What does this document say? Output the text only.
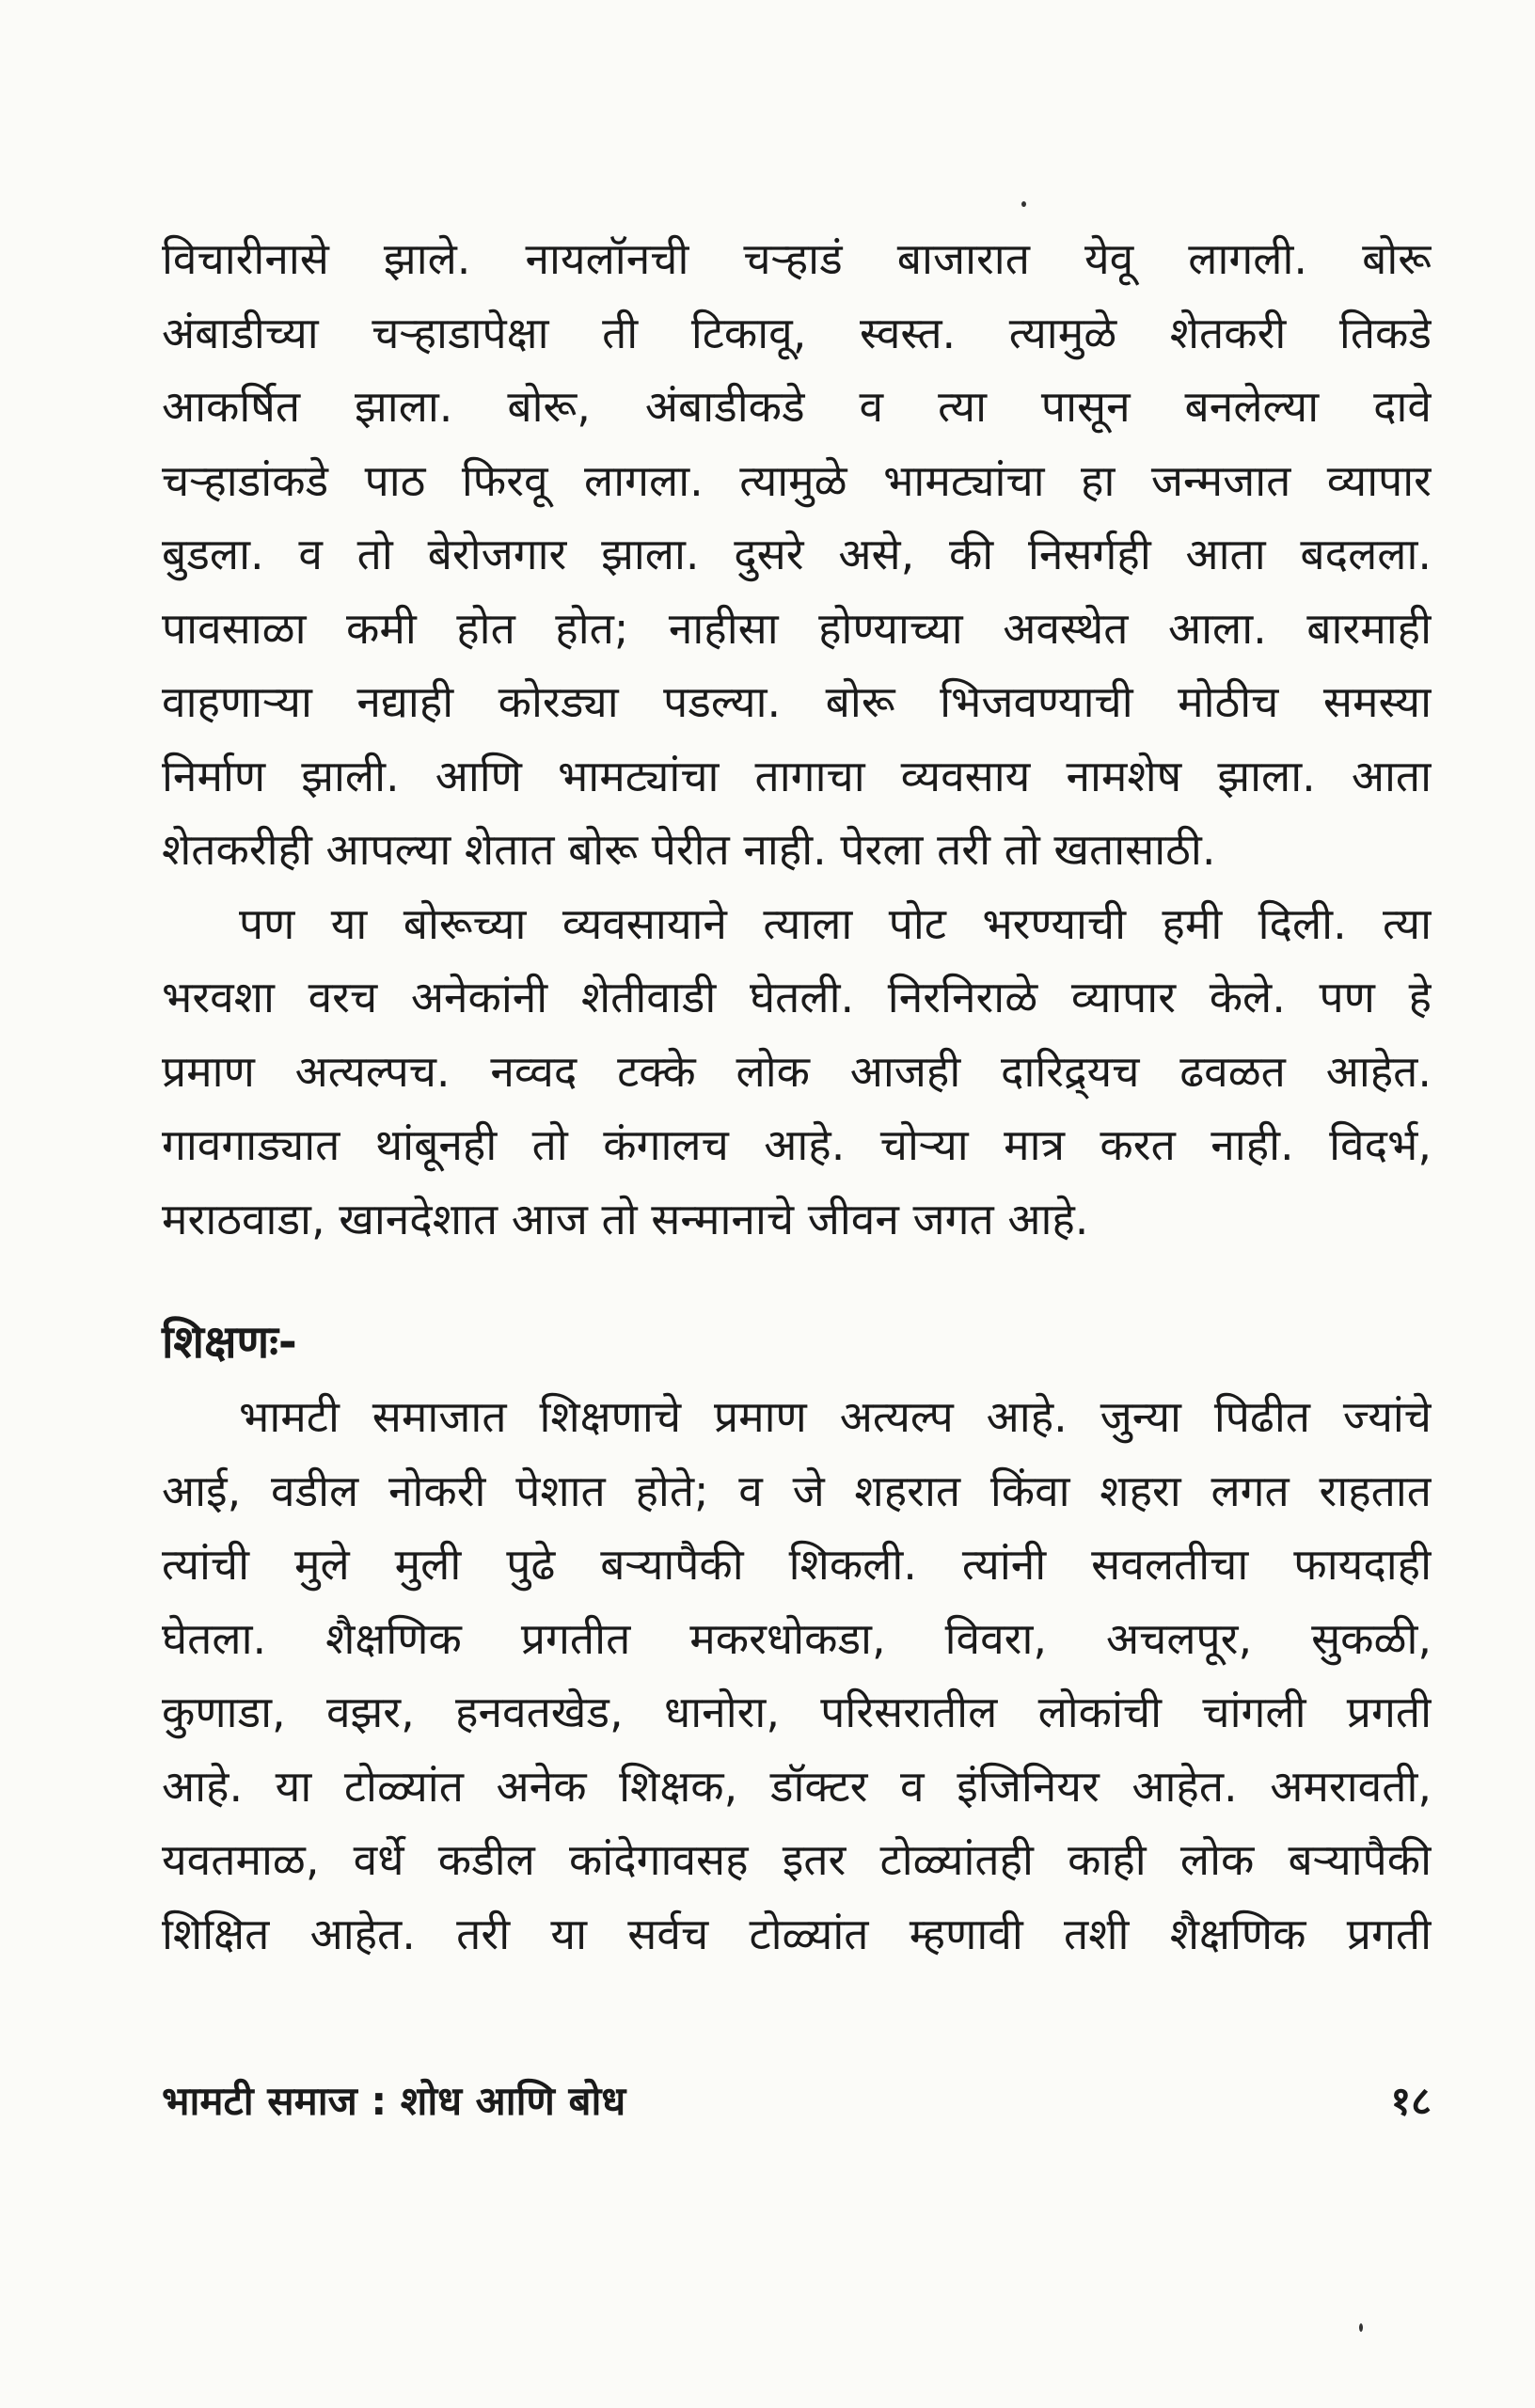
विचारीनासे झाले. नायलॉनची चऱ्हाडं बाजारात येवू लागली. बोरू
अंबाडीच्या चऱ्हाडापेक्षा ती टिकावू, स्वस्त. त्यामुळे शेतकरी तिकडे
आकर्षित झाला. बोरू, अंबाडीकडे व त्या पासून बनलेल्या दावे
चऱ्हाडांकडे पाठ फिरवू लागला. त्यामुळे भामट्यांचा हा जन्मजात व्यापार
बुडला. व तो बेरोजगार झाला. दुसरे असे, की निसर्गही आता बदलला.
पावसाळा कमी होत होत; नाहीसा होण्याच्या अवस्थेत आला. बारमाही
वाहणाऱ्या नद्याही कोरड्या पडल्या. बोरू भिजवण्याची मोठीच समस्या
निर्माण झाली. आणि भामट्यांचा तागाचा व्यवसाय नामशेष झाला. आता
शेतकरीही आपल्या शेतात बोरू पेरीत नाही. पेरला तरी तो खतासाठी.
पण या बोरूच्या व्यवसायाने त्याला पोट भरण्याची हमी दिली. त्या
भरवशा वरच अनेकांनी शेतीवाडी घेतली. निरनिराळे व्यापार केले. पण हे
प्रमाण अत्यल्पच. नव्वद टक्के लोक आजही दारिद्र्यच ढवळत आहेत.
गावगाड्यात थांबूनही तो कंगालच आहे. चोऱ्या मात्र करत नाही. विदर्भ,
मराठवाडा, खानदेशात आज तो सन्मानाचे जीवन जगत आहे.
शिक्षणः-
भामटी समाजात शिक्षणाचे प्रमाण अत्यल्प आहे. जुन्या पिढीत ज्यांचे
आई, वडील नोकरी पेशात होते; व जे शहरात किंवा शहरा लगत राहतात
त्यांची मुले मुली पुढे बऱ्यापैकी शिकली. त्यांनी सवलतीचा फायदाही
घेतला. शैक्षणिक प्रगतीत मकरधोकडा, विवरा, अचलपूर, सुकळी,
कुणाडा, वझर, हनवतखेड, धानोरा, परिसरातील लोकांची चांगली प्रगती
आहे. या टोळ्यांत अनेक शिक्षक, डॉक्टर व इंजिनियर आहेत. अमरावती,
यवतमाळ, वर्धे कडील कांदेगावसह इतर टोळ्यांतही काही लोक बऱ्यापैकी
शिक्षित आहेत. तरी या सर्वच टोळ्यांत म्हणावी तशी शैक्षणिक प्रगती
भामटी समाज : शोध आणि बोध	१८
